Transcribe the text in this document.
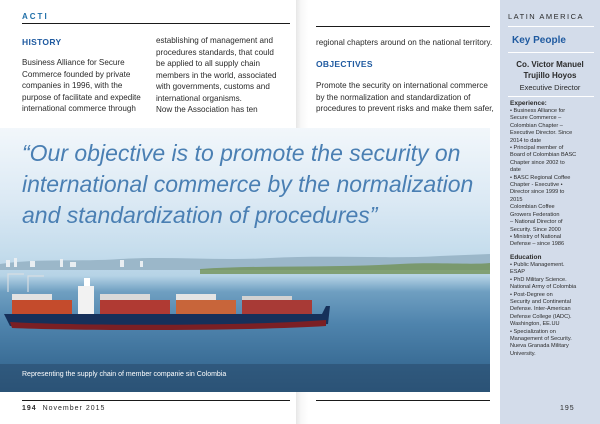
ACTI
HISTORY
Business Alliance for Secure
Commerce founded by private
companies in 1996, with the
purpose of facilitate and expedite
international commerce through
establishing of management and
procedures standards, that could
be applied to all supply chain
members in the world, associated
with governments, customs and
international organisms.
Now the Association has ten
regional chapters around on the national territory.
OBJECTIVES
Promote the security on international commerce
by the normalization and standardization of
procedures to prevent risks and make them safer,
LATIN AMERICA
Key People
Co. Victor Manuel
Trujillo Hoyos
Executive Director
Experience:
• Business Alliance for
Secure Commerce –
Colombian Chapter –
Executive Director. Since
2014 to date
• Principal member of
Board of Colombian BASC
Chapter since 2002 to
date
• BASC Regional Coffee
Chapter - Executive •
Director since 1999 to
2015
Colombian Coffee
Growers Federation
– National Director of
Security. Since 2000
• Ministry of National
Defense – since 1986
Education
• Public Management.
ESAP
• PhD Military Science.
National Army of Colombia
• Post-Degree on
Security and Continental
Defense. Inter-American
Defense College (IADC).
Washington, EE.UU
• Specialization on
Management of Security.
Nueva Granada Military
University.
“Our objective is to promote the security on international commerce by the normalization and standardization of procedures”
Representing the supply chain of member companie sin Colombia
194 November 2015	195
